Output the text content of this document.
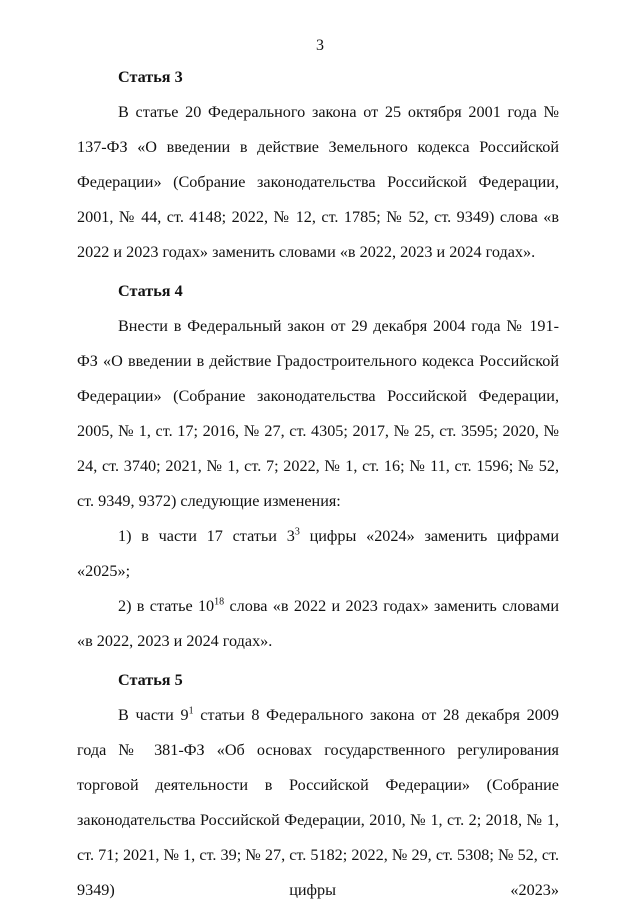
3

Статья 3

В статье 20 Федерального закона от 25 октября 2001 года № 137-ФЗ «О введении в действие Земельного кодекса Российской Федерации» (Собрание законодательства Российской Федерации, 2001, № 44, ст. 4148; 2022, № 12, ст. 1785; № 52, ст. 9349) слова «в 2022 и 2023 годах» заменить словами «в 2022, 2023 и 2024 годах».

Статья 4

Внести в Федеральный закон от 29 декабря 2004 года № 191-ФЗ «О введении в действие Градостроительного кодекса Российской Федерации» (Собрание законодательства Российской Федерации, 2005, № 1, ст. 17; 2016, № 27, ст. 4305; 2017, № 25, ст. 3595; 2020, № 24, ст. 3740; 2021, № 1, ст. 7; 2022, № 1, ст. 16; № 11, ст. 1596; № 52, ст. 9349, 9372) следующие изменения:

1) в части 17 статьи $3^3$ цифры «2024» заменить цифрами «2025»;

2) в статье $10^{18}$ слова «в 2022 и 2023 годах» заменить словами «в 2022, 2023 и 2024 годах».

Статья 5

В части $9^1$ статьи 8 Федерального закона от 28 декабря 2009 года № 381-ФЗ «Об основах государственного регулирования торговой деятельности в Российской Федерации» (Собрание законодательства Российской Федерации, 2010, № 1, ст. 2; 2018, № 1, ст. 71; 2021, № 1, ст. 39; № 27, ст. 5182; 2022, № 29, ст. 5308; № 52, ст. 9349) цифры «2023»
